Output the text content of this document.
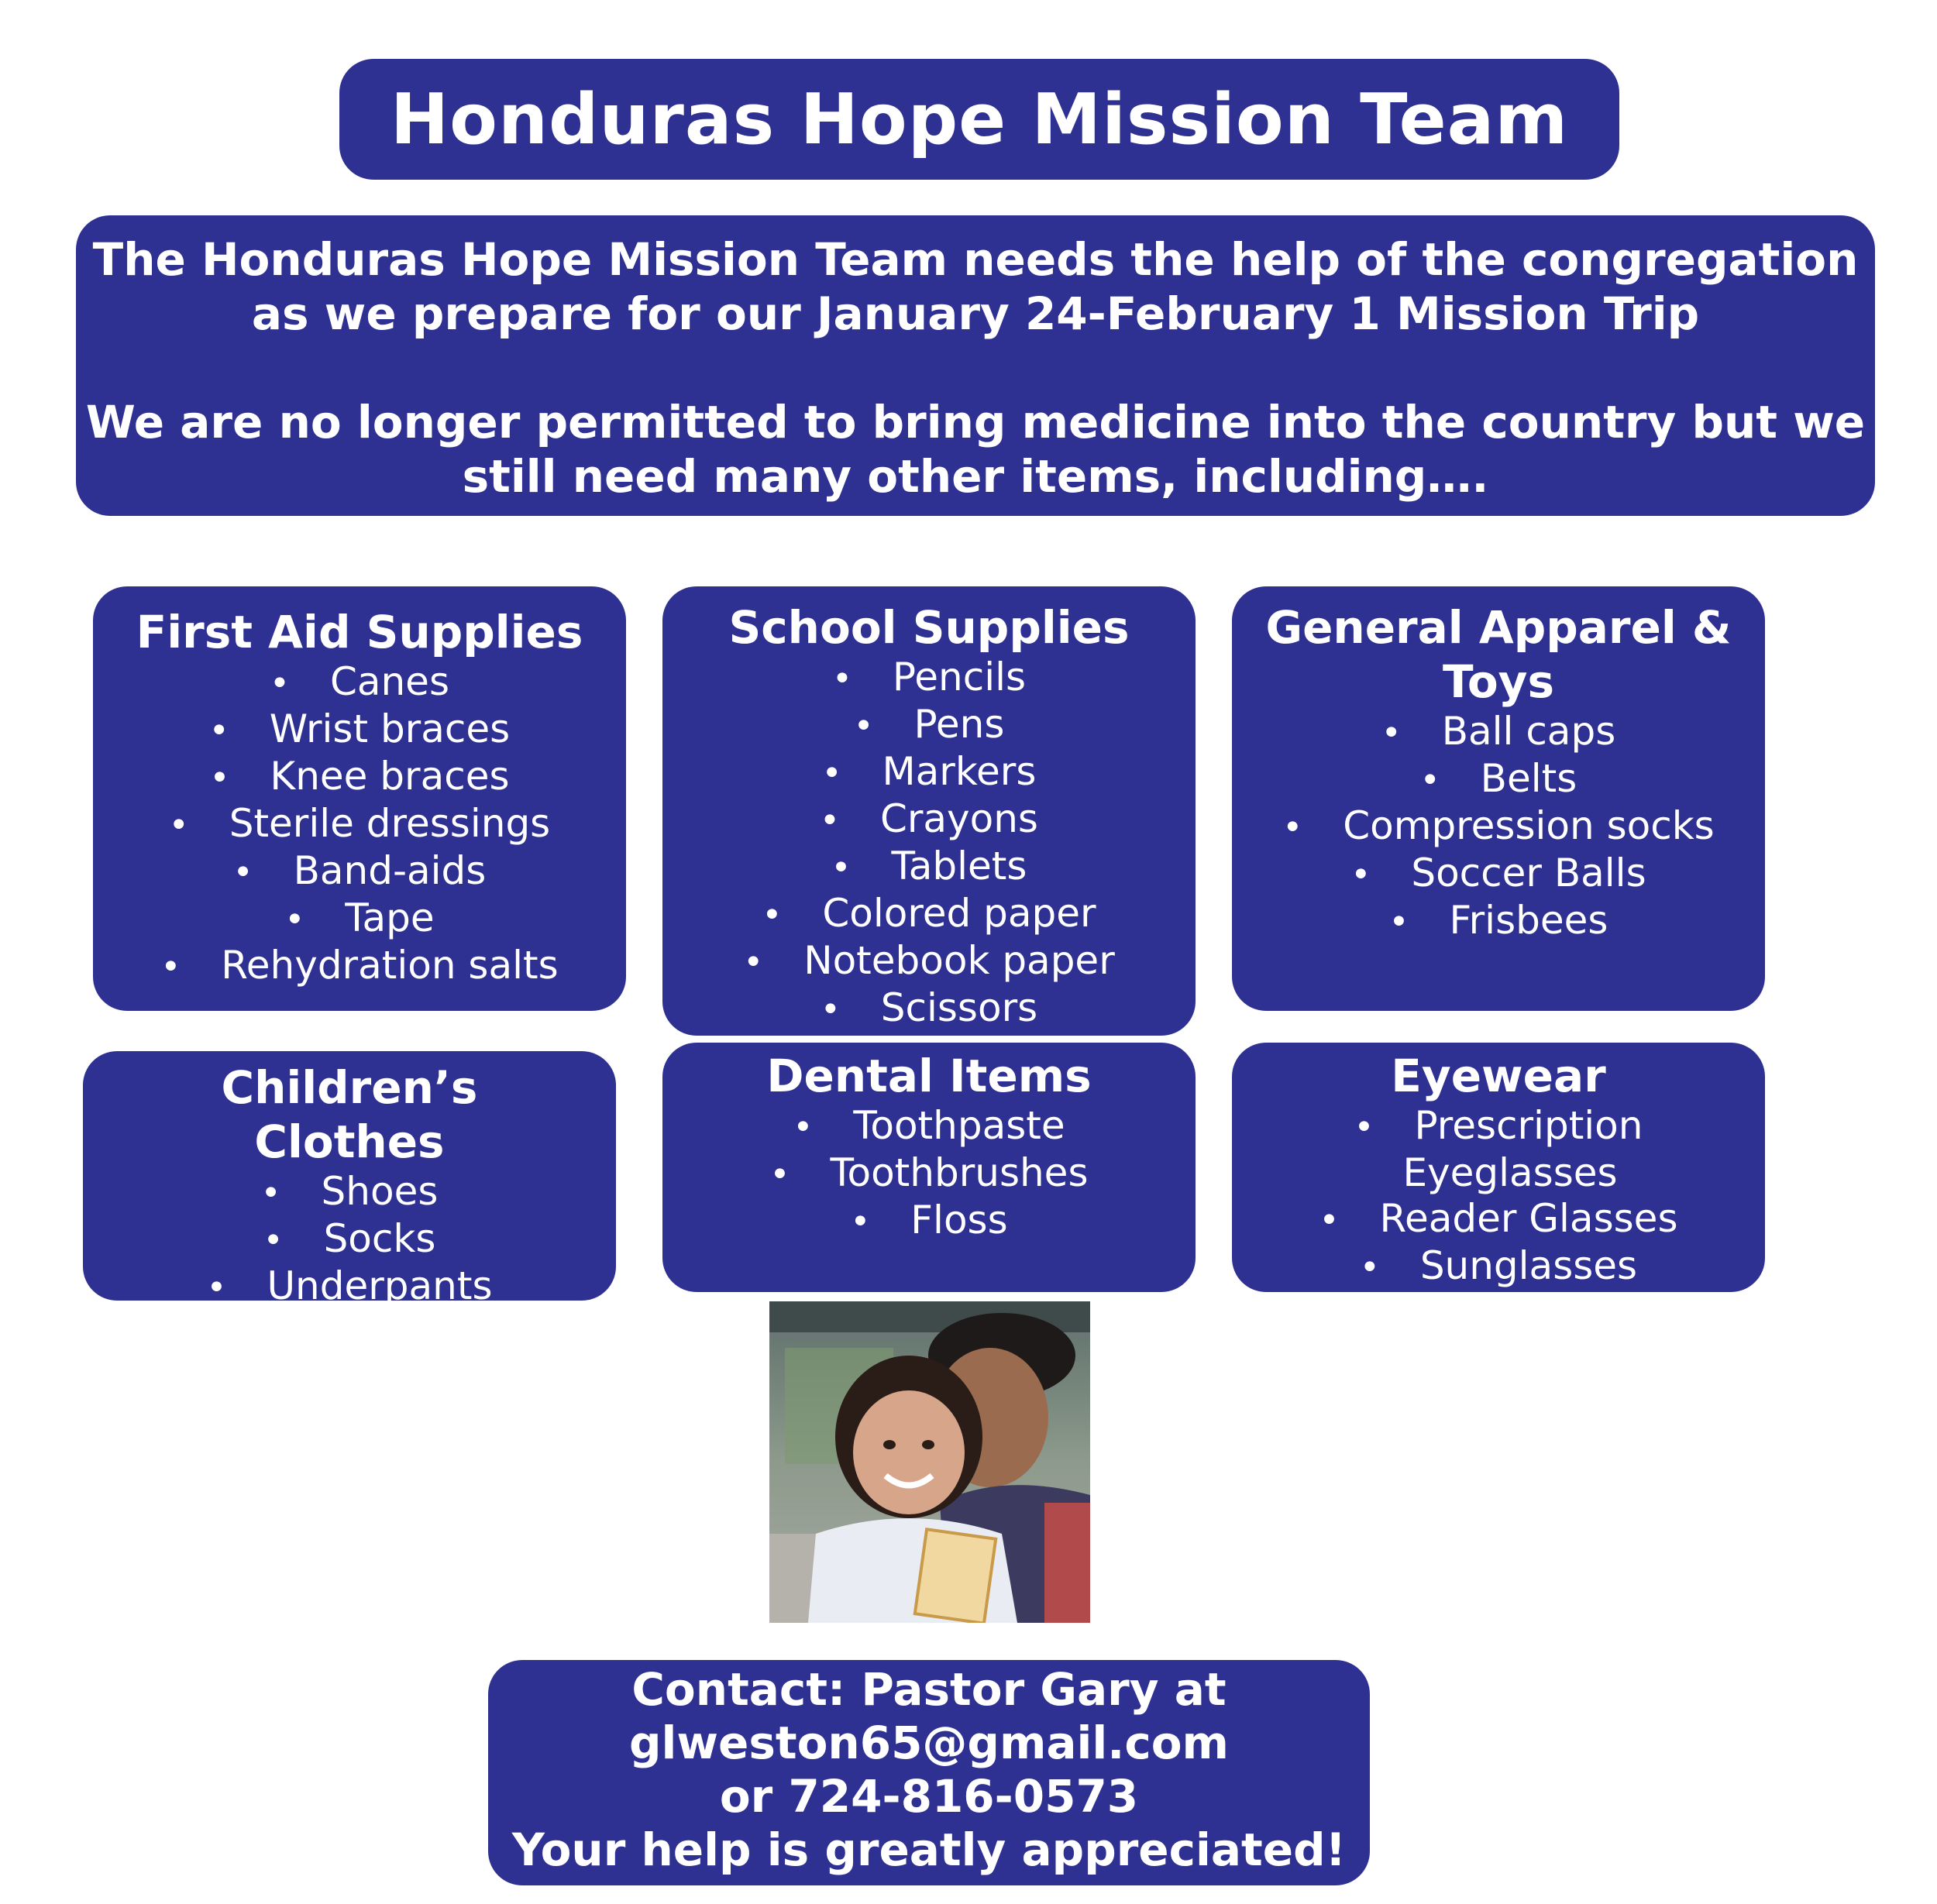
Honduras Hope Mission Team

The Honduras Hope Mission Team needs the help of the congregation
as we prepare for our January 24-February 1 Mission Trip

We are no longer permitted to bring medicine into the country but we
still need many other items, including….

First Aid Supplies
• Canes
• Wrist braces
• Knee braces
• Sterile dressings
• Band-aids
• Tape
• Rehydration salts
School Supplies
• Pencils
• Pens
• Markers
• Crayons
• Tablets
• Colored paper
• Notebook paper
• Scissors
General Apparel &
Toys
• Ball caps
• Belts
• Compression socks
• Soccer Balls
• Frisbees
Children’s
Clothes
• Shoes
• Socks
• Underpants
Dental Items
• Toothpaste
• Toothbrushes
• Floss
Eyewear
• Prescription
Eyeglasses
• Reader Glasses
• Sunglasses

Contact: Pastor Gary at
glweston65@gmail.com
or 724-816-0573
Your help is greatly appreciated!
